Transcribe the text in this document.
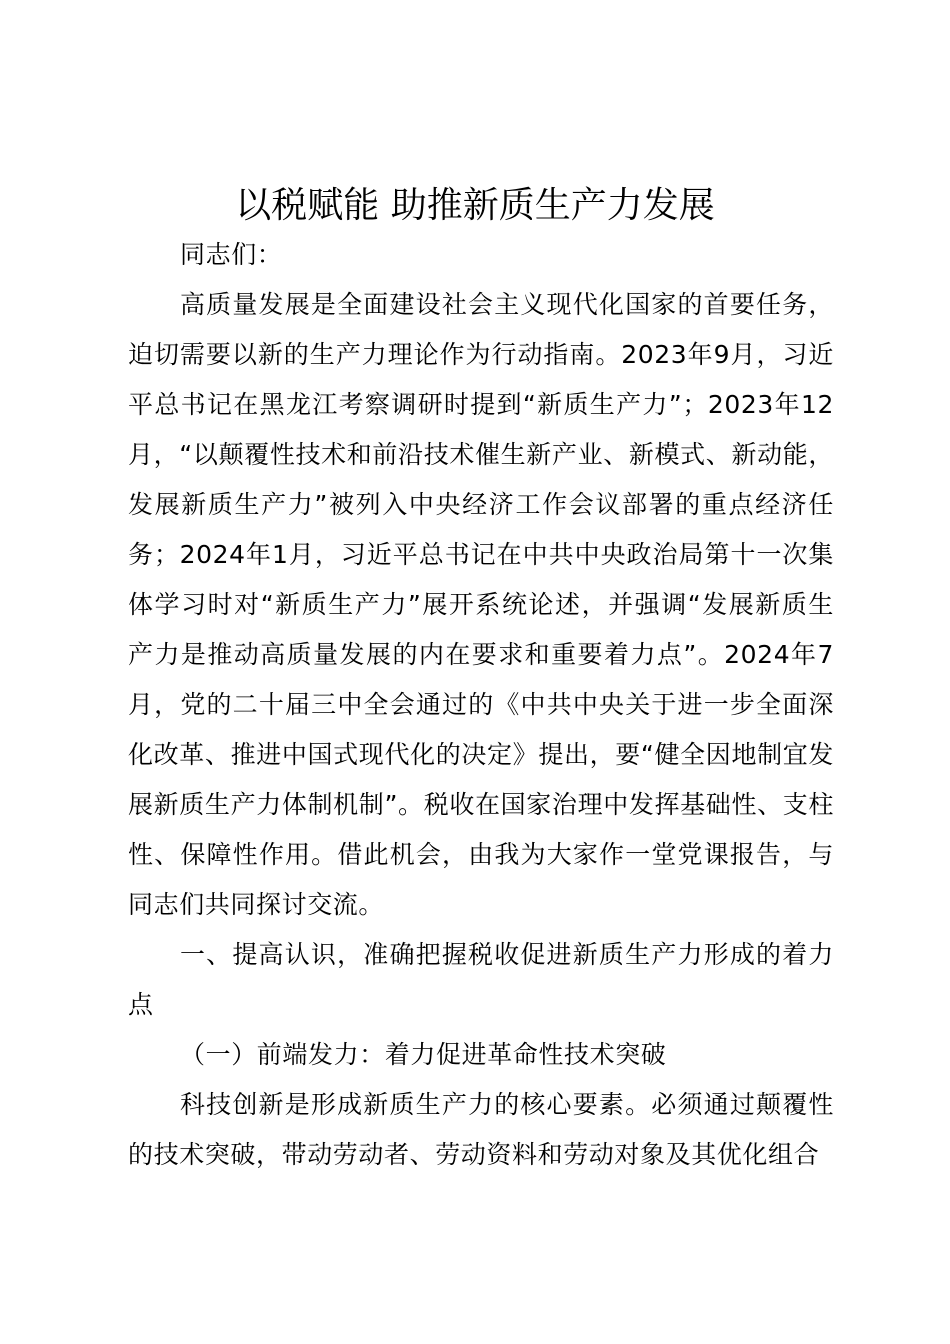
以税赋能 助推新质生产力发展
同志们：
高质量发展是全面建设社会主义现代化国家的首要任务，迫切需要以新的生产力理论作为行动指南。2023年9月，习近平总书记在黑龙江考察调研时提到“新质生产力”；2023年12月，“以颠覆性技术和前沿技术催生新产业、新模式、新动能，发展新质生产力”被列入中央经济工作会议部署的重点经济任务；2024年1月，习近平总书记在中共中央政治局第十一次集体学习时对“新质生产力”展开系统论述，并强调“发展新质生产力是推动高质量发展的内在要求和重要着力点”。2024年7月，党的二十届三中全会通过的《中共中央关于进一步全面深化改革、推进中国式现代化的决定》提出，要“健全因地制宜发展新质生产力体制机制”。税收在国家治理中发挥基础性、支柱性、保障性作用。借此机会，由我为大家作一堂党课报告，与同志们共同探讨交流。
一、提高认识，准确把握税收促进新质生产力形成的着力点
（一）前端发力：着力促进革命性技术突破
科技创新是形成新质生产力的核心要素。必须通过颠覆性的技术突破，带动劳动者、劳动资料和劳动对象及其优化组合
